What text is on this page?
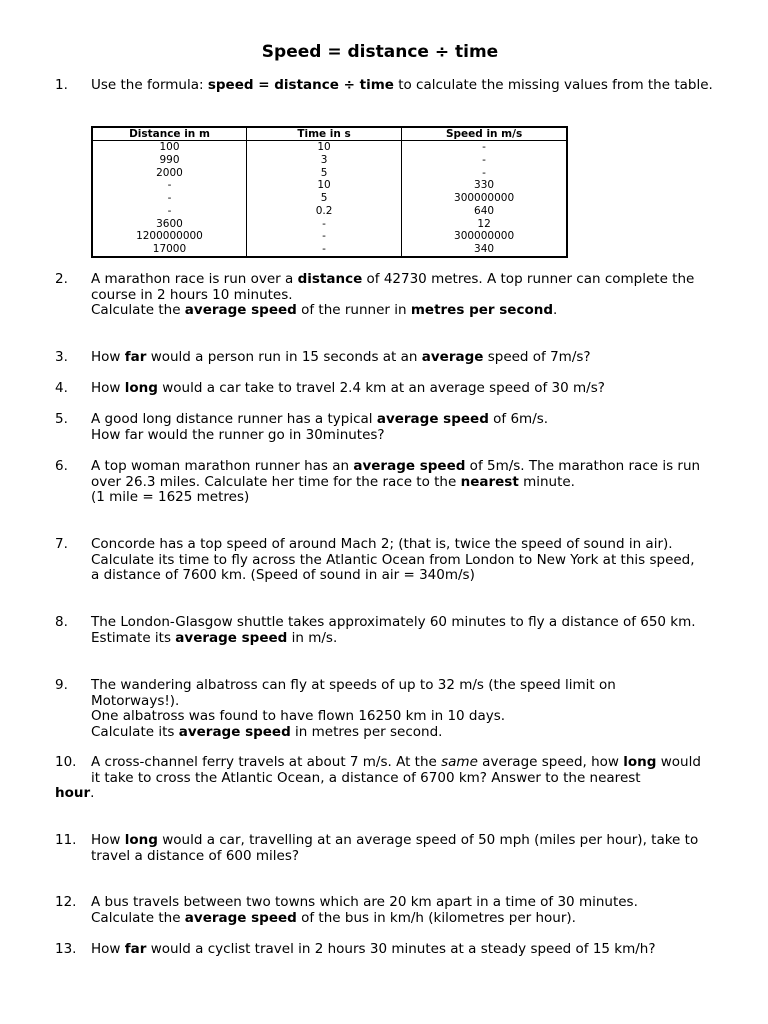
Speed = distance ÷ time

1. Use the formula: speed = distance ÷ time to calculate the missing values from the table.

Distance in m	Time in s	Speed in m/s
100	10	-
990	3	-
2000	5	-
-	10	330
-	5	300000000
-	0.2	640
3600	-	12
1200000000	-	300000000
17000	-	340

2. A marathon race is run over a distance of 42730 metres. A top runner can complete the
course in 2 hours 10 minutes.
Calculate the average speed of the runner in metres per second.

3. How far would a person run in 15 seconds at an average speed of 7m/s?

4. How long would a car take to travel 2.4 km at an average speed of 30 m/s?

5. A good long distance runner has a typical average speed of 6m/s.
How far would the runner go in 30minutes?

6. A top woman marathon runner has an average speed of 5m/s. The marathon race is run
over 26.3 miles. Calculate her time for the race to the nearest minute.
(1 mile = 1625 metres)

7. Concorde has a top speed of around Mach 2; (that is, twice the speed of sound in air).
Calculate its time to fly across the Atlantic Ocean from London to New York at this speed,
a distance of 7600 km. (Speed of sound in air = 340m/s)

8. The London-Glasgow shuttle takes approximately 60 minutes to fly a distance of 650 km.
Estimate its average speed in m/s.

9. The wandering albatross can fly at speeds of up to 32 m/s (the speed limit on
Motorways!).
One albatross was found to have flown 16250 km in 10 days.
Calculate its average speed in metres per second.

10. A cross-channel ferry travels at about 7 m/s. At the same average speed, how long would
it take to cross the Atlantic Ocean, a distance of 6700 km? Answer to the nearest
hour.

11. How long would a car, travelling at an average speed of 50 mph (miles per hour), take to
travel a distance of 600 miles?

12. A bus travels between two towns which are 20 km apart in a time of 30 minutes.
Calculate the average speed of the bus in km/h (kilometres per hour).

13. How far would a cyclist travel in 2 hours 30 minutes at a steady speed of 15 km/h?
